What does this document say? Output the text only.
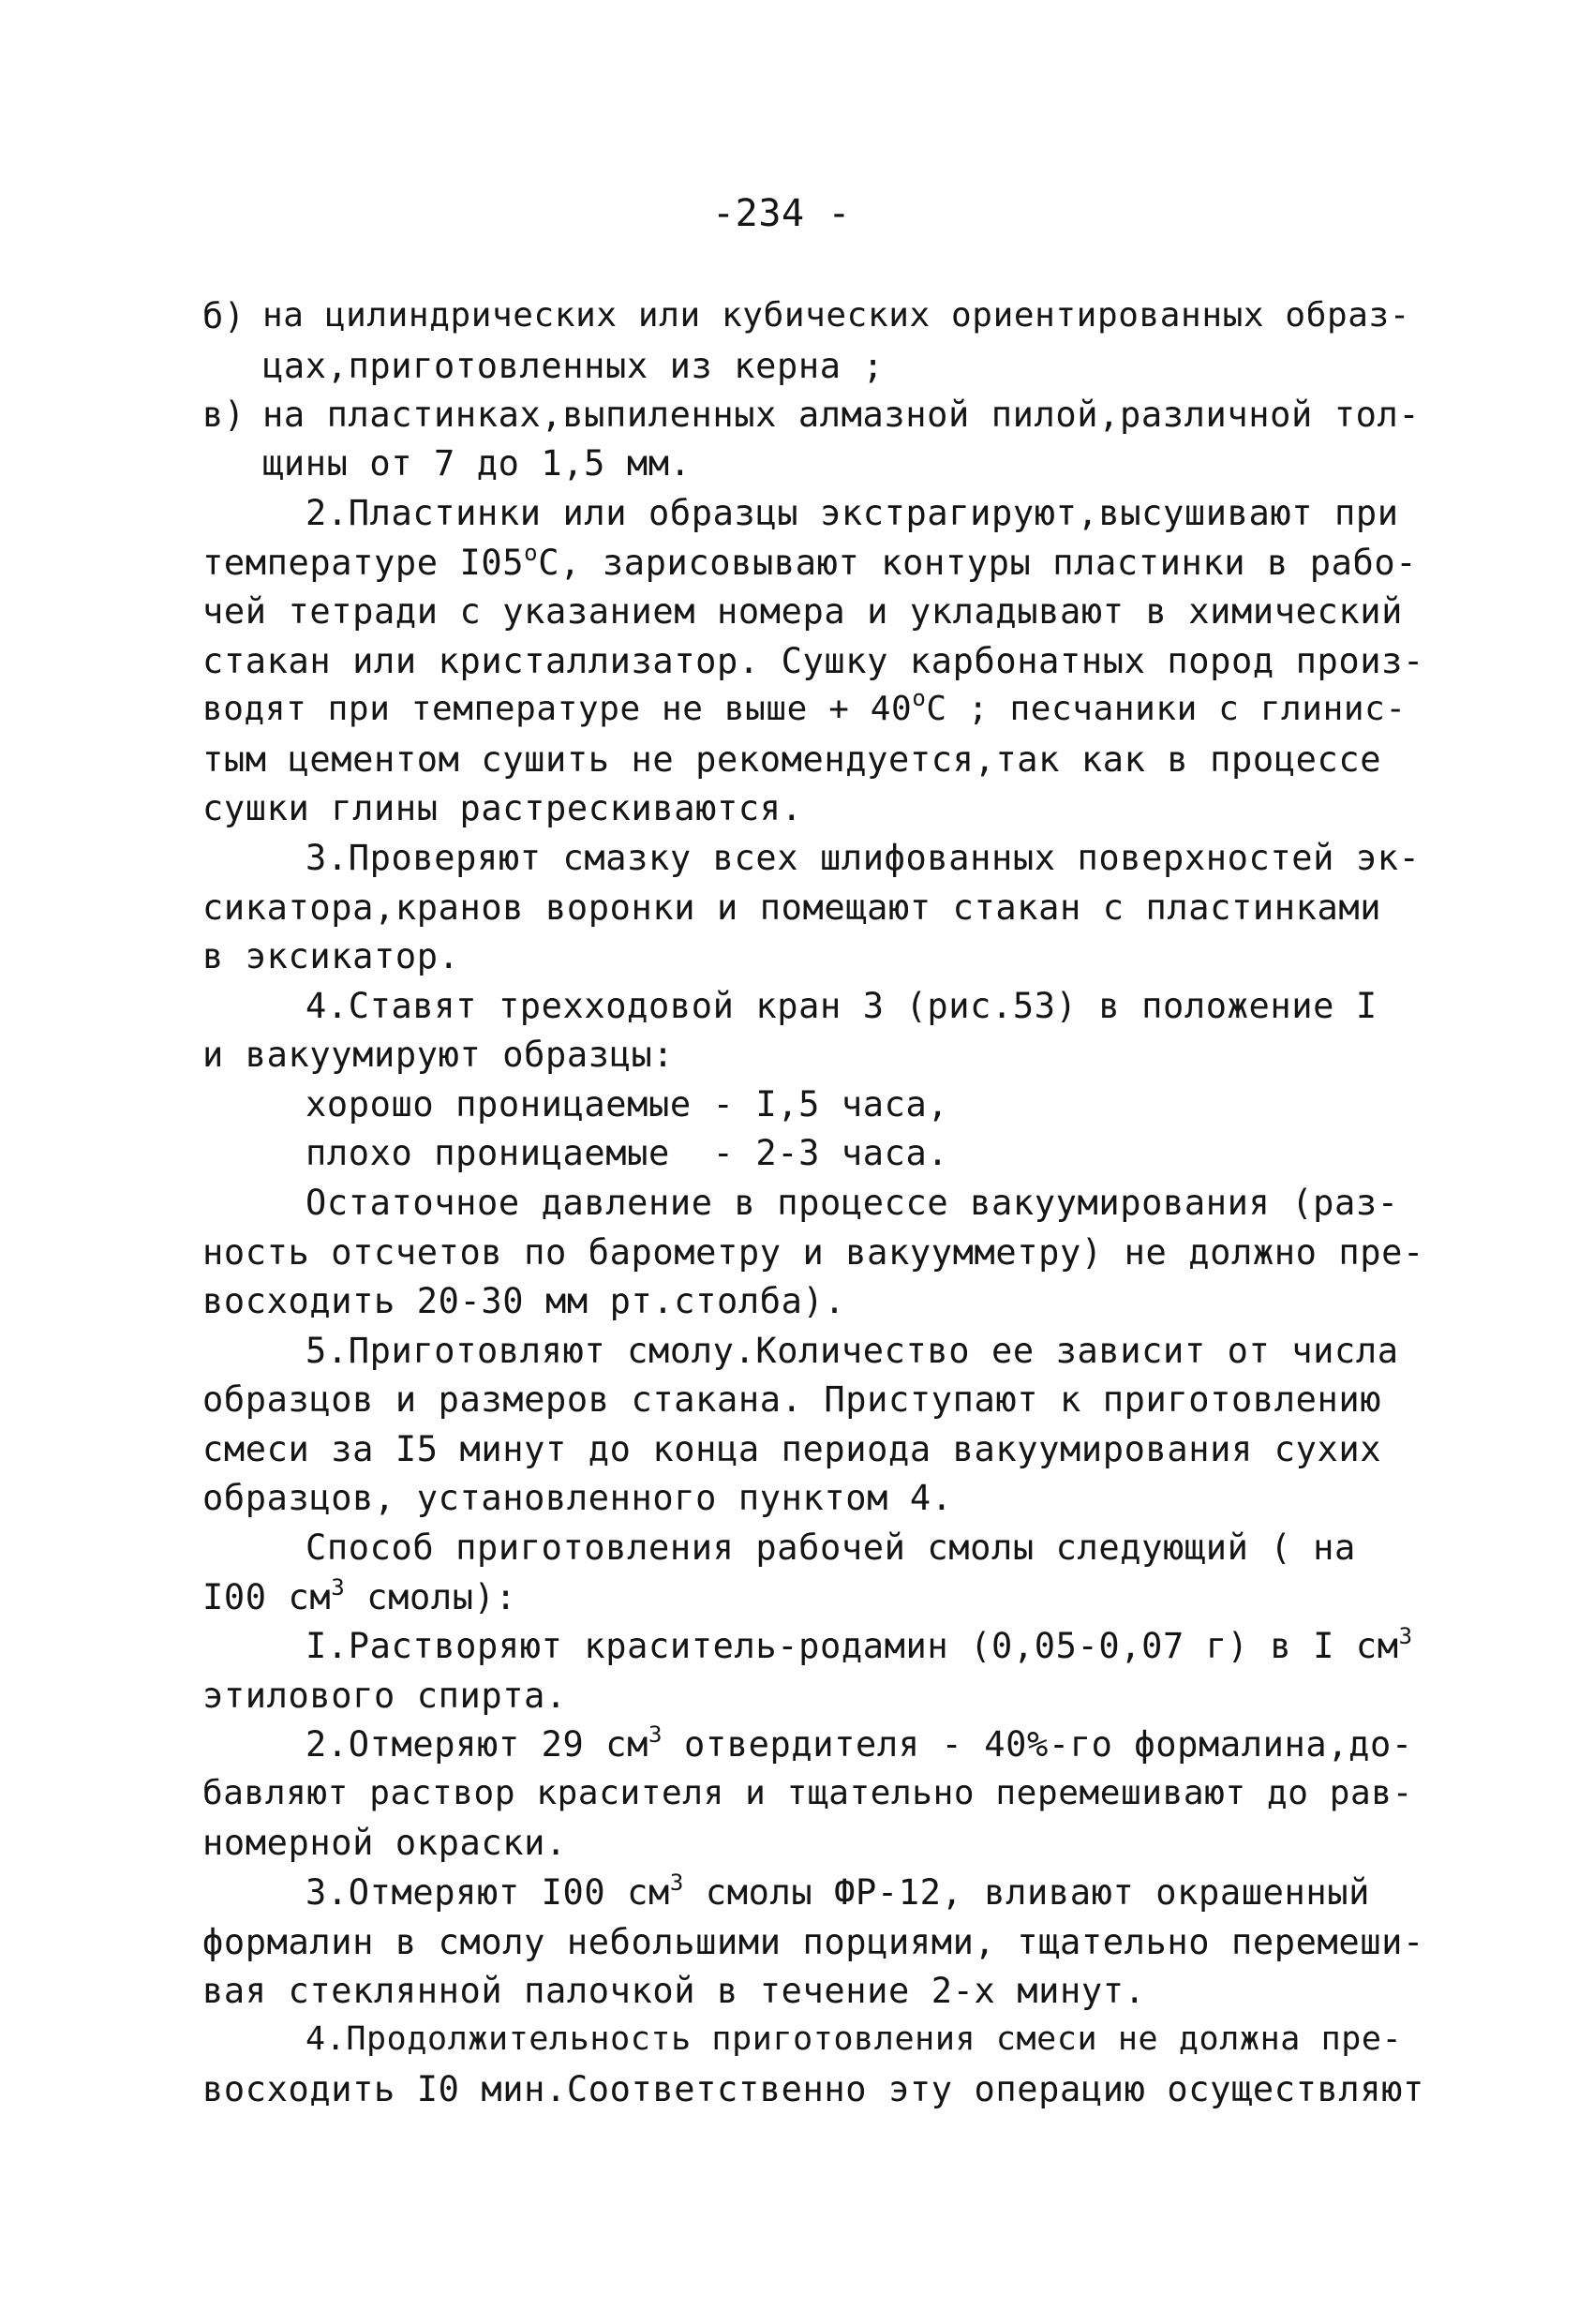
-234 -
б) на цилиндрических или кубических ориентированных образ-
цах,приготовленных из керна ;
в) на пластинках,выпиленных алмазной пилой,различной тол-
щины от 7 до 1,5 мм.
2.Пластинки или образцы экстрагируют,высушивают при
температуре I05$^o$С, зарисовывают контуры пластинки в рабо-
чей тетради с указанием номера и укладывают в химический
стакан или кристаллизатор. Сушку карбонатных пород произ-
водят при температуре не выше + $40^oС$ ; песчаники с глинис-
тым цементом сушить не рекомендуется,так как в процессе
сушки глины растрескиваются.
3.Проверяют смазку всех шлифованных поверхностей эк-
сикатора,кранов воронки и помещают стакан с пластинками
в эксикатор.
4.Ставят трехходовой кран 3 (рис.53) в положение I
и вакуумируют образцы:
хорошо проницаемые - I,5 часа,
плохо проницаемые  - 2-3 часа.
Остаточное давление в процессе вакуумирования (раз-
ность отсчетов по барометру и вакуумметру) не должно пре-
восходить 20-30 мм рт.столба).
5.Приготовляют смолу.Количество ее зависит от числа
образцов и размеров стакана. Приступают к приготовлению
смеси за I5 минут до конца периода вакуумирования сухих
образцов, установленного пунктом 4.
Способ приготовления рабочей смолы следующий ( на
I00 $см^3$ смолы):
I.Растворяют краситель-родамин (0,05-0,07 г) в I $см^3$
этилового спирта.
2.Отмеряют 29 $см^3$ отвердителя - 40%-го формалина,до-
бавляют раствор красителя и тщательно перемешивают до рав-
номерной окраски.
3.Отмеряют I00 $см^3$ смолы ФР-12, вливают окрашенный
формалин в смолу небольшими порциями, тщательно перемеши-
вая стеклянной палочкой в течение 2-х минут.
4.Продолжительность приготовления смеси не должна пре-
восходить I0 мин.Соответственно эту операцию осуществляют
